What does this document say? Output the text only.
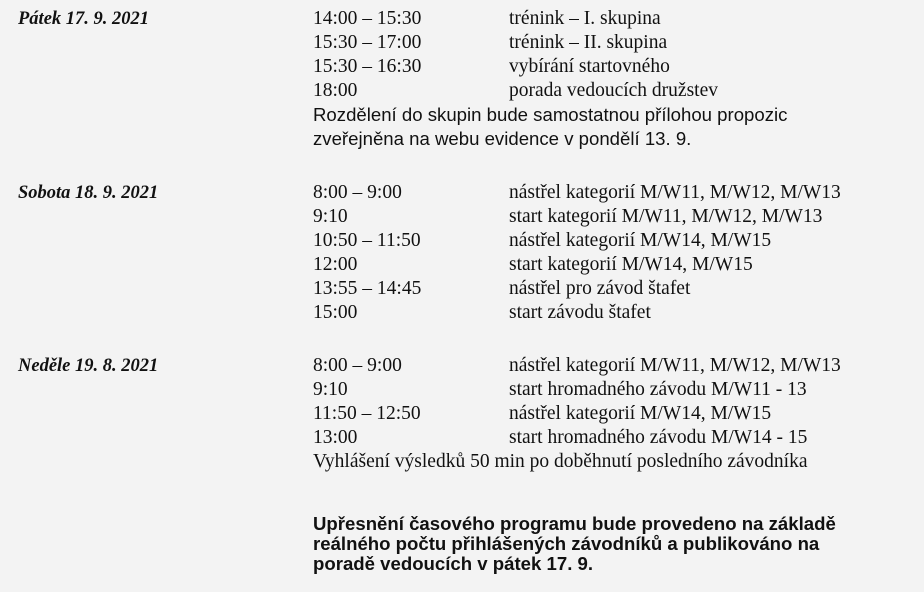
Pátek 17. 9. 2021	14:00 – 15:30	trénink – I. skupina
15:30 – 17:00	trénink – II. skupina
15:30 – 16:30	vybírání startovného
18:00	porada vedoucích družstev
Rozdělení do skupin bude samostatnou přílohou propozic
zveřejněna na webu evidence v pondělí 13. 9.
Sobota 18. 9. 2021	8:00 – 9:00	nástřel kategorií M/W11, M/W12, M/W13
9:10	start kategorií M/W11, M/W12, M/W13
10:50 – 11:50	nástřel kategorií M/W14, M/W15
12:00	start kategorií M/W14, M/W15
13:55 – 14:45	nástřel pro závod štafet
15:00	start závodu štafet
Neděle 19. 8. 2021	8:00 – 9:00	nástřel kategorií M/W11, M/W12, M/W13
9:10	start hromadného závodu M/W11 - 13
11:50 – 12:50	nástřel kategorií M/W14, M/W15
13:00	start hromadného závodu M/W14 - 15
Vyhlášení výsledků 50 min po doběhnutí posledního závodníka
Upřesnění časového programu bude provedeno na základě
reálného počtu přihlášených závodníků a publikováno na
poradě vedoucích v pátek 17. 9.
